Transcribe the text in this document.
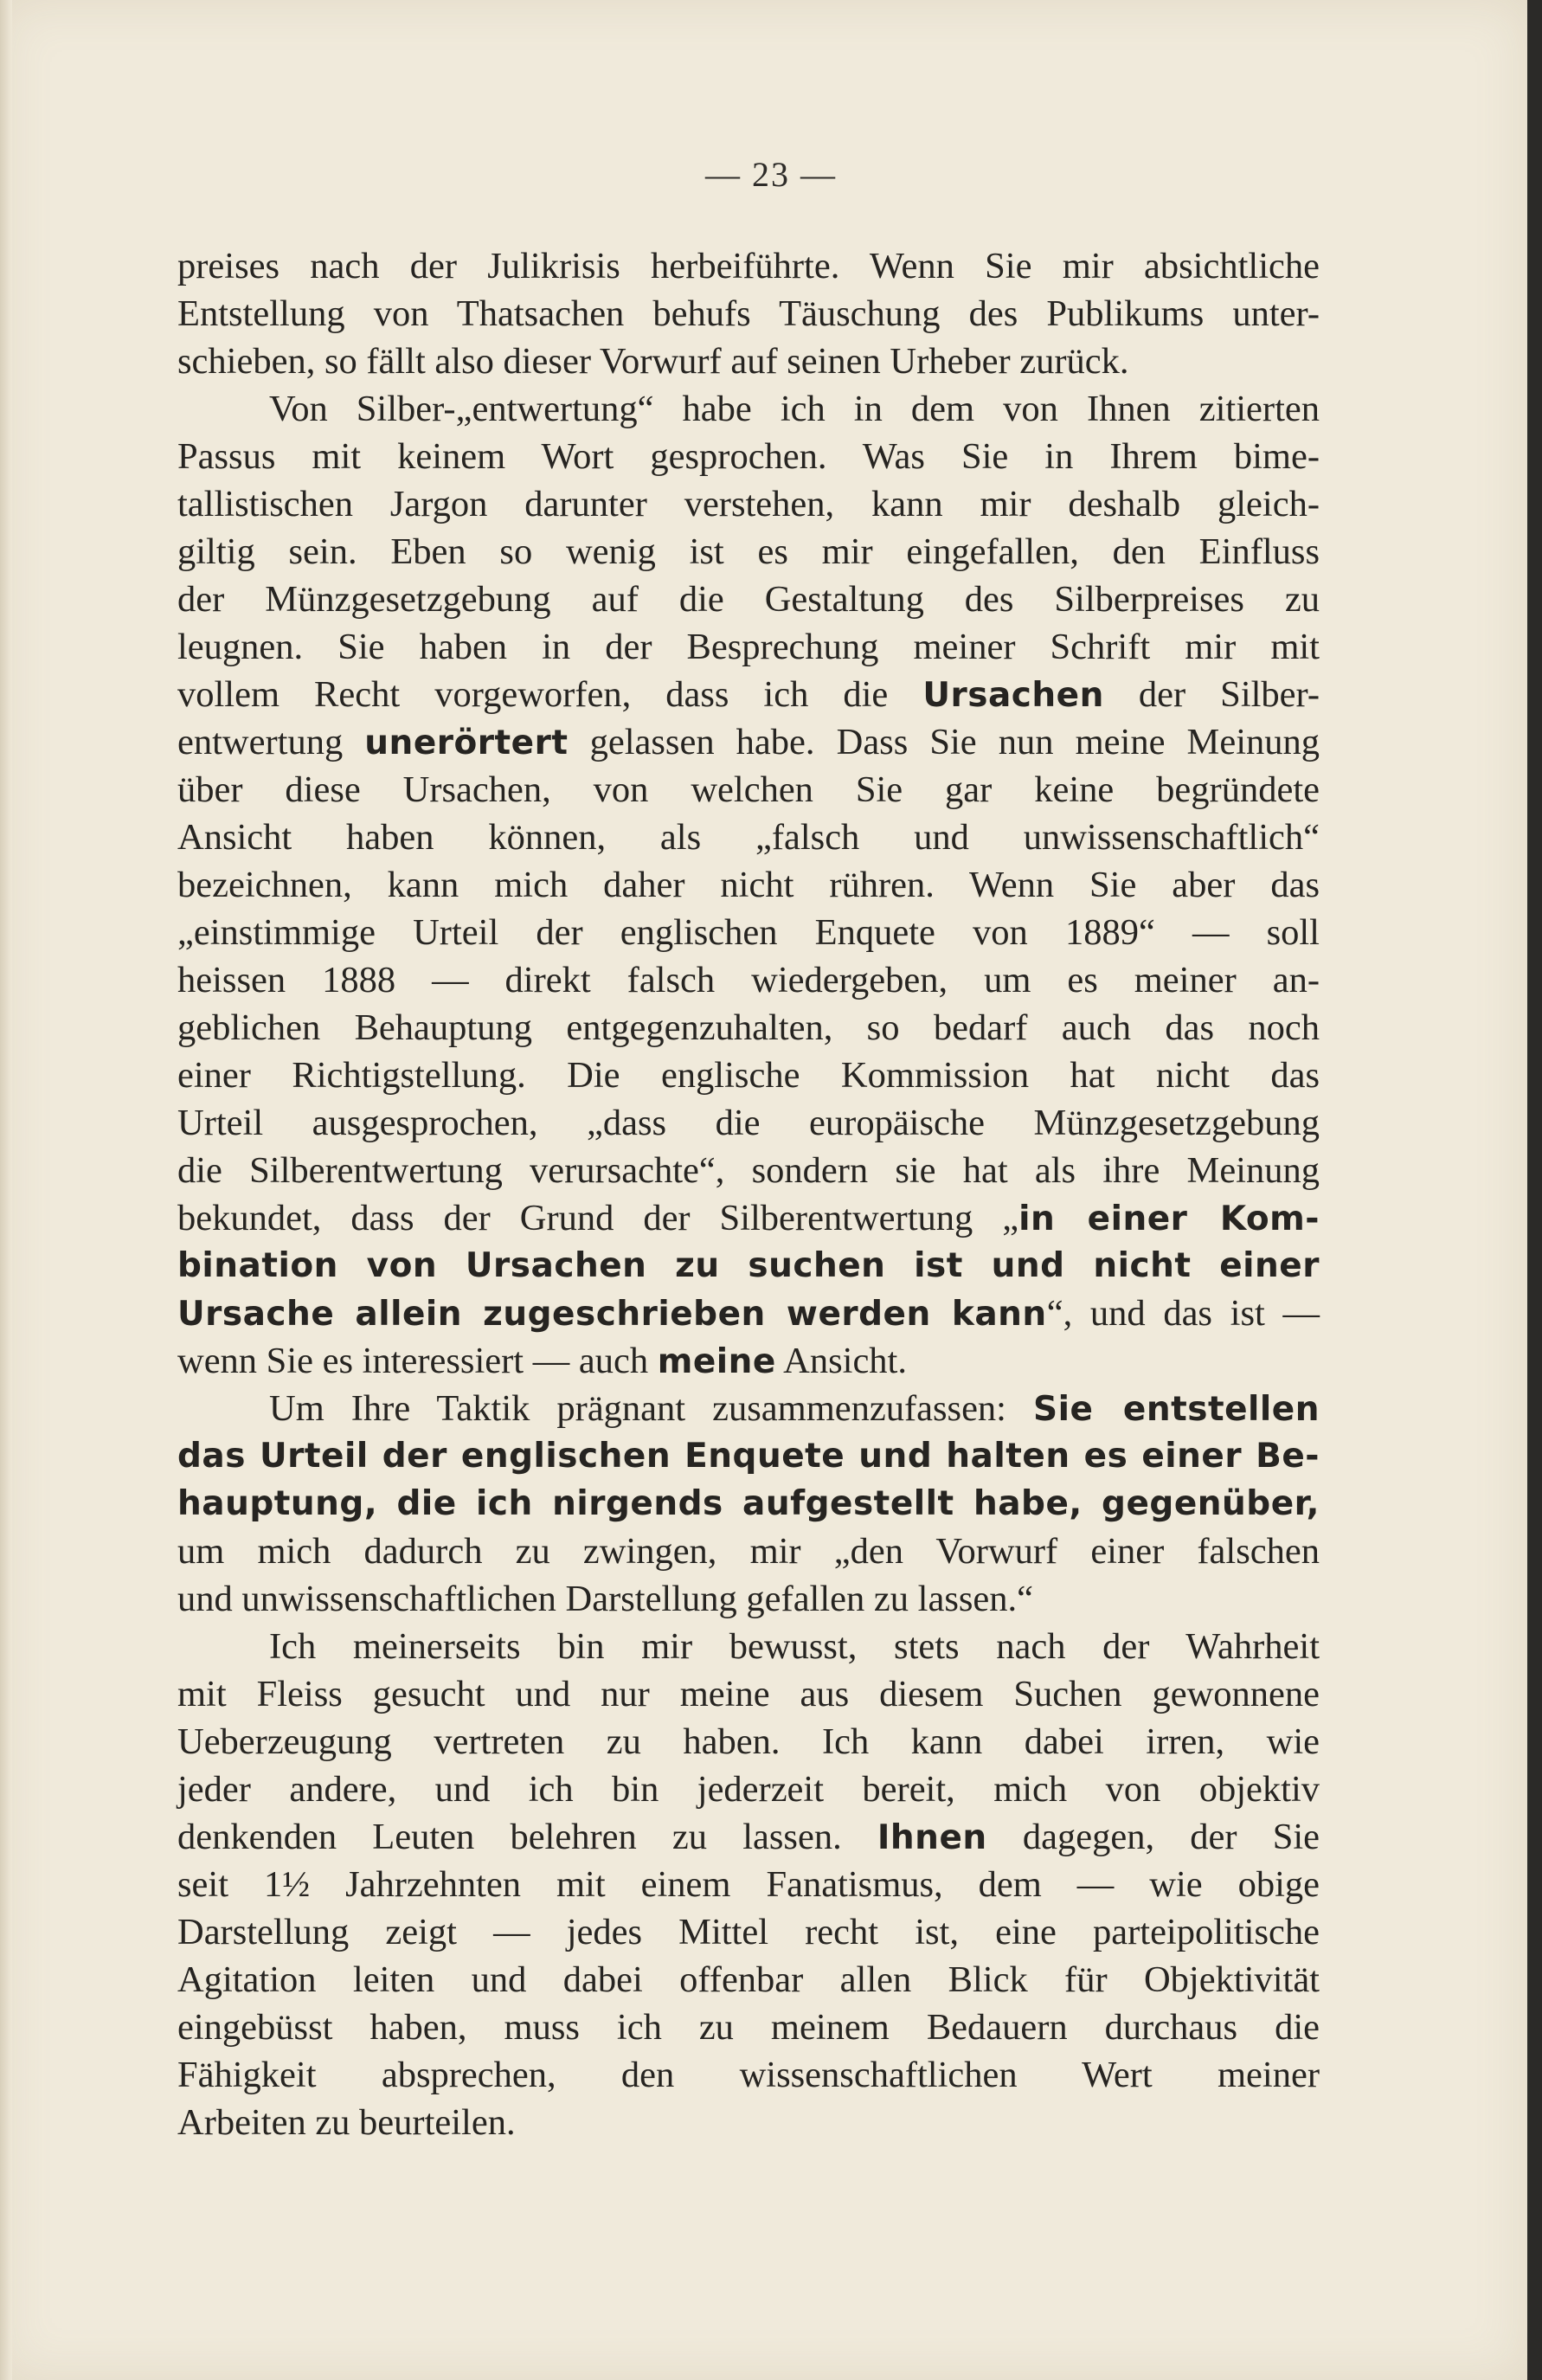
— 23 —
preises nach der Julikrisis herbeiführte. Wenn Sie mir absichtliche
Entstellung von Thatsachen behufs Täuschung des Publikums unter-
schieben, so fällt also dieser Vorwurf auf seinen Urheber zurück.
Von Silber-„entwertung“ habe ich in dem von Ihnen zitierten
Passus mit keinem Wort gesprochen. Was Sie in Ihrem bime-
tallistischen Jargon darunter verstehen, kann mir deshalb gleich-
giltig sein. Eben so wenig ist es mir eingefallen, den Einfluss
der Münzgesetzgebung auf die Gestaltung des Silberpreises zu
leugnen. Sie haben in der Besprechung meiner Schrift mir mit
vollem Recht vorgeworfen, dass ich die Ursachen der Silber-
entwertung unerörtert gelassen habe. Dass Sie nun meine Meinung
über diese Ursachen, von welchen Sie gar keine begründete
Ansicht haben können, als „falsch und unwissenschaftlich“
bezeichnen, kann mich daher nicht rühren. Wenn Sie aber das
„einstimmige Urteil der englischen Enquete von 1889“ — soll
heissen 1888 — direkt falsch wiedergeben, um es meiner an-
geblichen Behauptung entgegenzuhalten, so bedarf auch das noch
einer Richtigstellung. Die englische Kommission hat nicht das
Urteil ausgesprochen, „dass die europäische Münzgesetzgebung
die Silberentwertung verursachte“, sondern sie hat als ihre Meinung
bekundet, dass der Grund der Silberentwertung „in einer Kom-
bination von Ursachen zu suchen ist und nicht einer
Ursache allein zugeschrieben werden kann“, und das ist —
wenn Sie es interessiert — auch meine Ansicht.
Um Ihre Taktik prägnant zusammenzufassen: Sie entstellen
das Urteil der englischen Enquete und halten es einer Be-
hauptung, die ich nirgends aufgestellt habe, gegenüber,
um mich dadurch zu zwingen, mir „den Vorwurf einer falschen
und unwissenschaftlichen Darstellung gefallen zu lassen.“
Ich meinerseits bin mir bewusst, stets nach der Wahrheit
mit Fleiss gesucht und nur meine aus diesem Suchen gewonnene
Ueberzeugung vertreten zu haben. Ich kann dabei irren, wie
jeder andere, und ich bin jederzeit bereit, mich von objektiv
denkenden Leuten belehren zu lassen. Ihnen dagegen, der Sie
seit 1½ Jahrzehnten mit einem Fanatismus, dem — wie obige
Darstellung zeigt — jedes Mittel recht ist, eine parteipolitische
Agitation leiten und dabei offenbar allen Blick für Objektivität
eingebüsst haben, muss ich zu meinem Bedauern durchaus die
Fähigkeit absprechen, den wissenschaftlichen Wert meiner
Arbeiten zu beurteilen.
